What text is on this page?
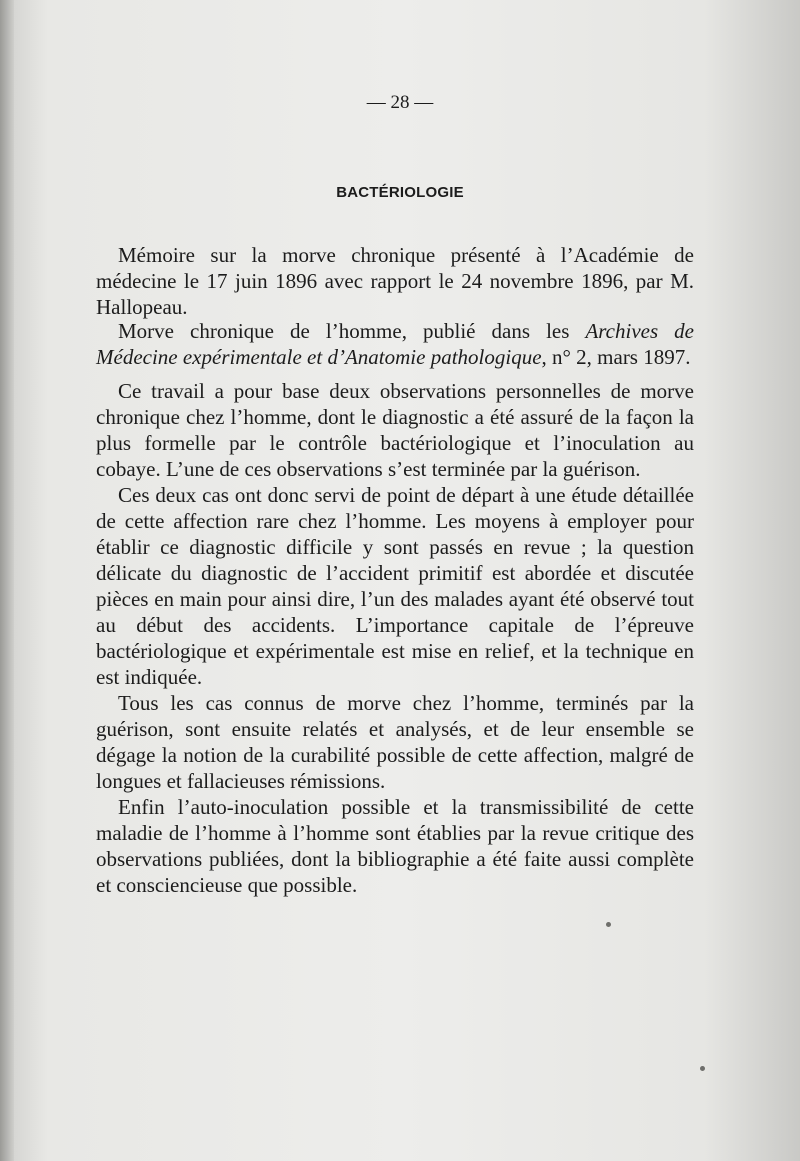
— 28 —
BACTÉRIOLOGIE

Mémoire sur la morve chronique présenté à l’Académie de médecine le 17 juin 1896 avec rapport le 24 novembre 1896, par M. Hallopeau.

Morve chronique de l’homme, publié dans les Archives de Médecine expérimentale et d’Anatomie pathologique, n° 2, mars 1897.

Ce travail a pour base deux observations personnelles de morve chronique chez l’homme, dont le diagnostic a été assuré de la façon la plus formelle par le contrôle bactériologique et l’inoculation au cobaye. L’une de ces observations s’est terminée par la guérison.

Ces deux cas ont donc servi de point de départ à une étude détaillée de cette affection rare chez l’homme. Les moyens à employer pour établir ce diagnostic difficile y sont passés en revue ; la question délicate du diagnostic de l’accident primitif est abordée et discutée pièces en main pour ainsi dire, l’un des malades ayant été observé tout au début des accidents. L’importance capitale de l’épreuve bactériologique et expérimentale est mise en relief, et la technique en est indiquée.

Tous les cas connus de morve chez l’homme, terminés par la guérison, sont ensuite relatés et analysés, et de leur ensemble se dégage la notion de la curabilité possible de cette affection, malgré de longues et fallacieuses rémissions.

Enfin l’auto-inoculation possible et la transmissibilité de cette maladie de l’homme à l’homme sont établies par la revue critique des observations publiées, dont la bibliographie a été faite aussi complète et consciencieuse que possible.
